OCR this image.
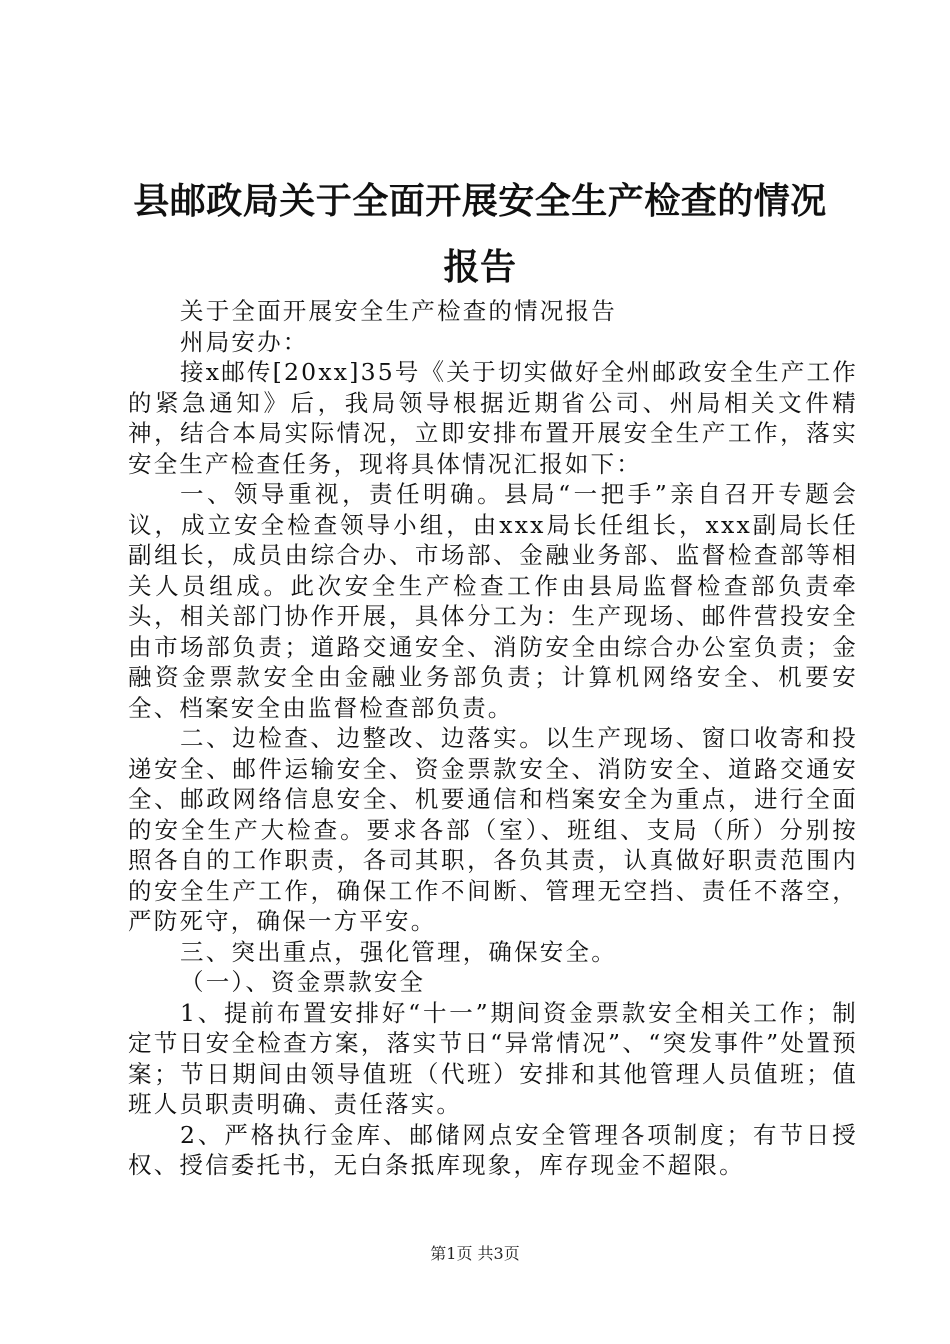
县邮政局关于全面开展安全生产检查的情况报告

关于全面开展安全生产检查的情况报告

州局安办：

接x邮传[20xx]35号《关于切实做好全州邮政安全生产工作的紧急通知》后，我局领导根据近期省公司、州局相关文件精神，结合本局实际情况，立即安排布置开展安全生产工作，落实安全生产检查任务，现将具体情况汇报如下：

一、领导重视，责任明确。县局“一把手”亲自召开专题会议，成立安全检查领导小组，由xxx局长任组长，xxx副局长任副组长，成员由综合办、市场部、金融业务部、监督检查部等相关人员组成。此次安全生产检查工作由县局监督检查部负责牵头，相关部门协作开展，具体分工为：生产现场、邮件营投安全由市场部负责；道路交通安全、消防安全由综合办公室负责；金融资金票款安全由金融业务部负责；计算机网络安全、机要安全、档案安全由监督检查部负责。

二、边检查、边整改、边落实。以生产现场、窗口收寄和投递安全、邮件运输安全、资金票款安全、消防安全、道路交通安全、邮政网络信息安全、机要通信和档案安全为重点，进行全面的安全生产大检查。要求各部（室）、班组、支局（所）分别按照各自的工作职责，各司其职，各负其责，认真做好职责范围内的安全生产工作，确保工作不间断、管理无空挡、责任不落空，严防死守，确保一方平安。

三、突出重点，强化管理，确保安全。

（一）、资金票款安全

1、提前布置安排好“十一”期间资金票款安全相关工作；制定节日安全检查方案，落实节日“异常情况”、“突发事件”处置预案；节日期间由领导值班（代班）安排和其他管理人员值班；值班人员职责明确、责任落实。

2、严格执行金库、邮储网点安全管理各项制度；有节日授权、授信委托书，无白条抵库现象，库存现金不超限。

第1页 共3页
